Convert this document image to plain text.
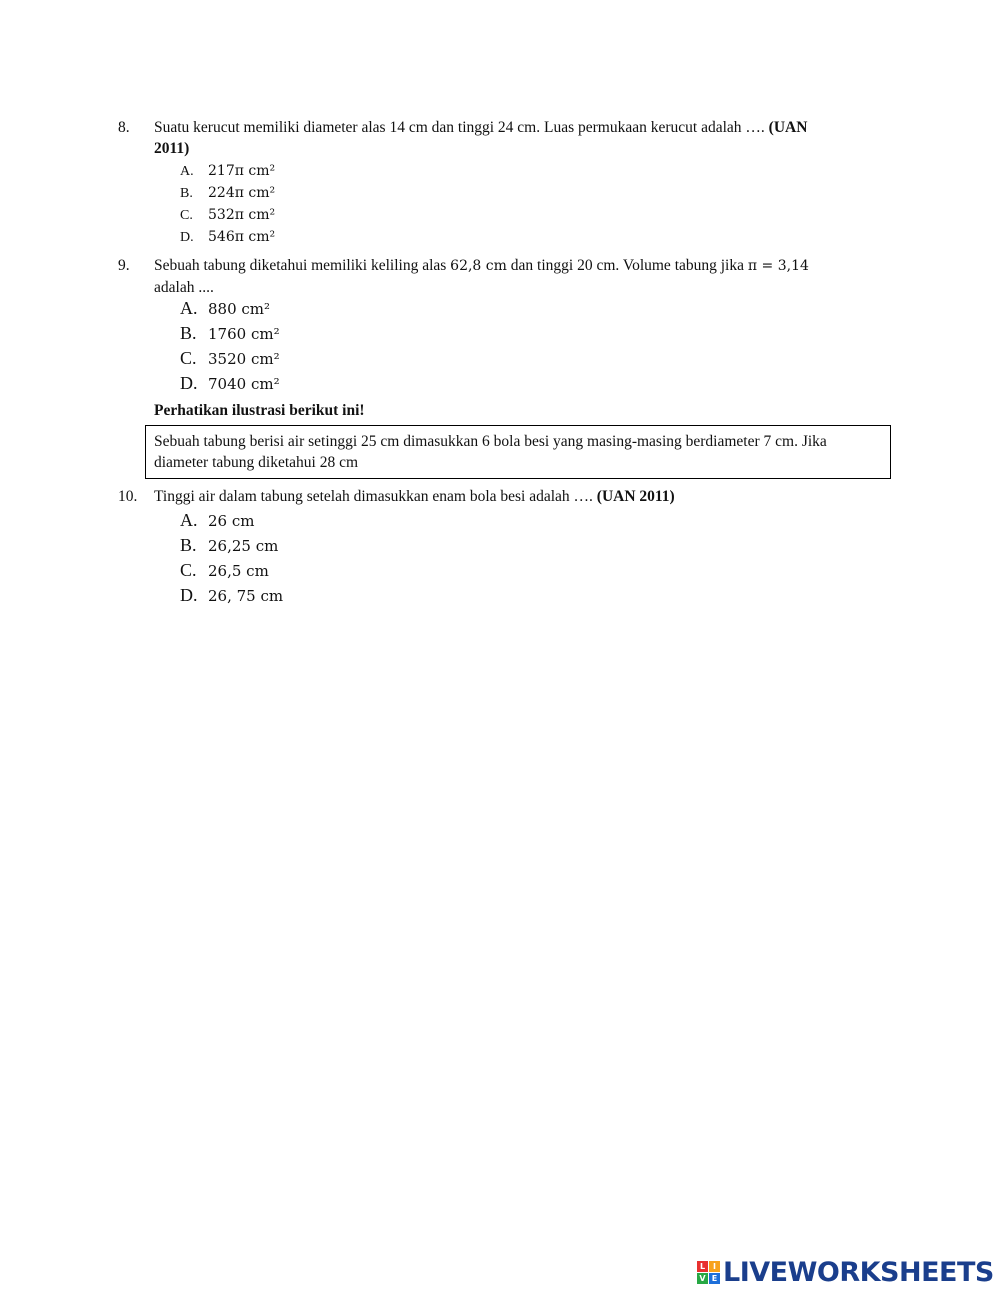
8. Suatu kerucut memiliki diameter alas 14 cm dan tinggi 24 cm. Luas permukaan kerucut adalah …. (UAN
2011)
A.	217π cm²
B.	224π cm²
C.	532π cm²
D.	546π cm²
9. Sebuah tabung diketahui memiliki keliling alas 62,8 cm dan tinggi 20 cm. Volume tabung jika π = 3,14
adalah ....
A. 880 cm²
B. 1760 cm²
C. 3520 cm²
D. 7040 cm²
Perhatikan ilustrasi berikut ini!
Sebuah tabung berisi air setinggi 25 cm dimasukkan 6 bola besi yang masing-masing berdiameter 7 cm. Jika
diameter tabung diketahui 28 cm
10. Tinggi air dalam tabung setelah dimasukkan enam bola besi adalah …. (UAN 2011)
A. 26 cm
B. 26,25 cm
C. 26,5 cm
D. 26, 75 cm
L I
V E LIVEWORKSHEETS
